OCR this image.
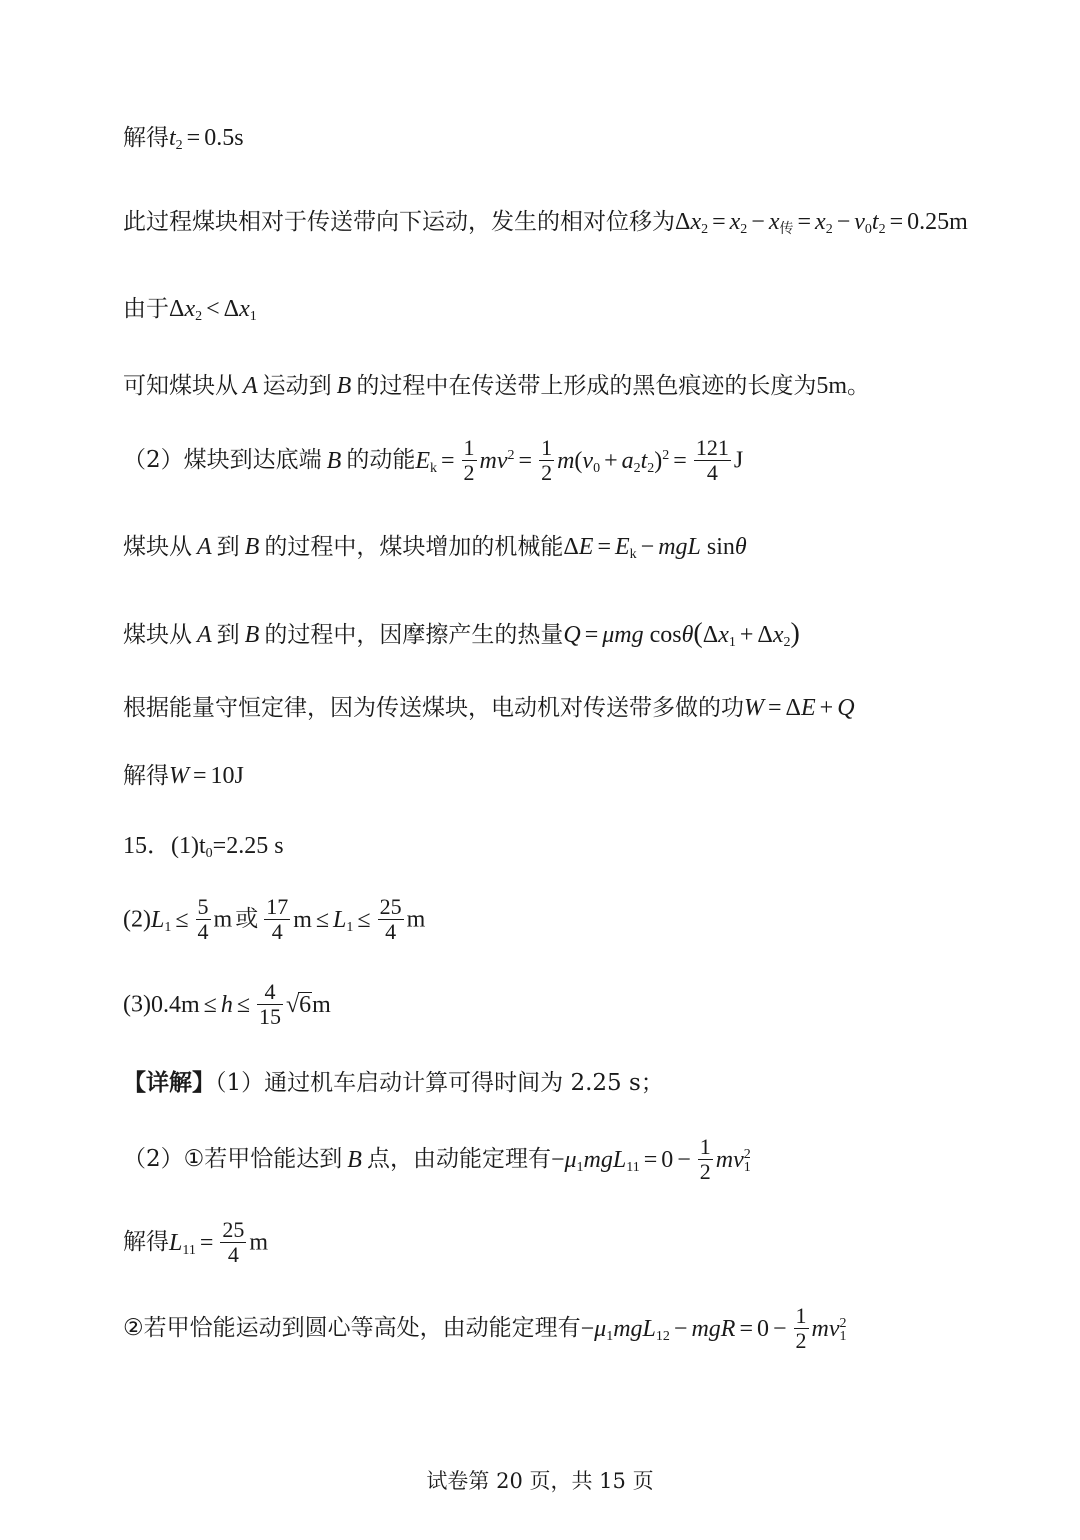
解得$t_2 = 0.5s$
此过程煤块相对于传送带向下运动，发生的相对位移为$\Delta x_2 = x_2 - x_传 = x_2 - v_0t_2 = 0.25m$
由于$\Delta x_2 < \Delta x_1$
可知煤块从 A 运动到 B 的过程中在传送带上形成的黑色痕迹的长度为5m。
（2）煤块到达底端 B 的动能$E_k = \frac{1}{2} mv^2 = \frac{1}{2} m(v_0 + a_2t_2)^2 = \frac{121}{4}$ J
煤块从 A 到 B 的过程中，煤块增加的机械能$\Delta E = E_k$ − mgL sinθ
煤块从 A 到 B 的过程中，因摩擦产生的热量Q = μmg $\cos\theta(\Delta x_1 + \Delta x_2)$
根据能量守恒定律，因为传送煤块，电动机对传送带多做的功W = ΔE + Q
解得W = 10J
15．$(1)t_0=2.25$ s
$(2)L_1 \le \frac{5}{4}$ m 或 $\frac{17}{4}$ $m \le L_1 \le \frac{25}{4}$ m
$(3)0.4m \le h \le \frac{4}{15} √6m$
【详解】（1）通过机车启动计算可得时间为 2.25 s；
（2）①若甲恰能达到 B 点，由动能定理有$-\mu_1mgL_{11} = 0 - \frac{1}{2} mv_1^2$
解得$L_{11} = \frac{25}{4}$ m
②若甲恰能运动到圆心等高处，由动能定理有$-\mu_1mgL_{12}$ − mgR = $0 - \frac{1}{2} mv_1^2$
试卷第 20 页，共 15 页
